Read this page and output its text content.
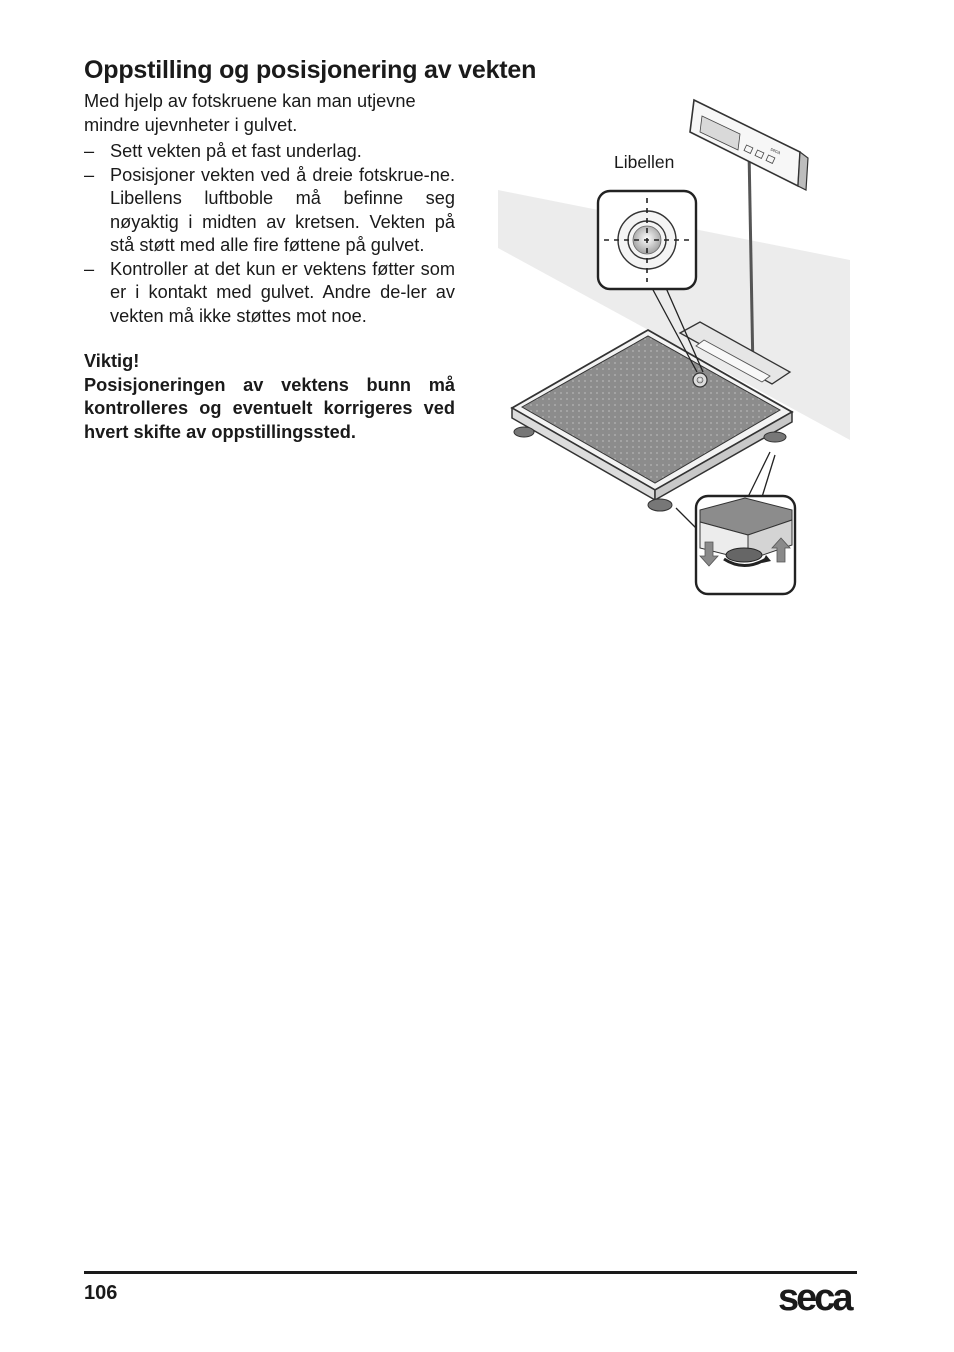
Oppstilling og posisjonering av vekten

Med hjelp av fotskruene kan man utjevne mindre ujevnheter i gulvet.

– Sett vekten på et fast underlag.
– Posisjoner vekten ved å dreie fotskrue-ne. Libellens luftboble må befinne seg nøyaktig i midten av kretsen. Vekten på stå støtt med alle fire føttene på gulvet.
– Kontroller at det kun er vektens føtter som er i kontakt med gulvet. Andre de-ler av vekten må ikke støttes mot noe.

Viktig!

Posisjoneringen av vektens bunn må kontrolleres og eventuelt korrigeres ved hvert skifte av oppstillingssted.

Libellen
seca
106	seca
